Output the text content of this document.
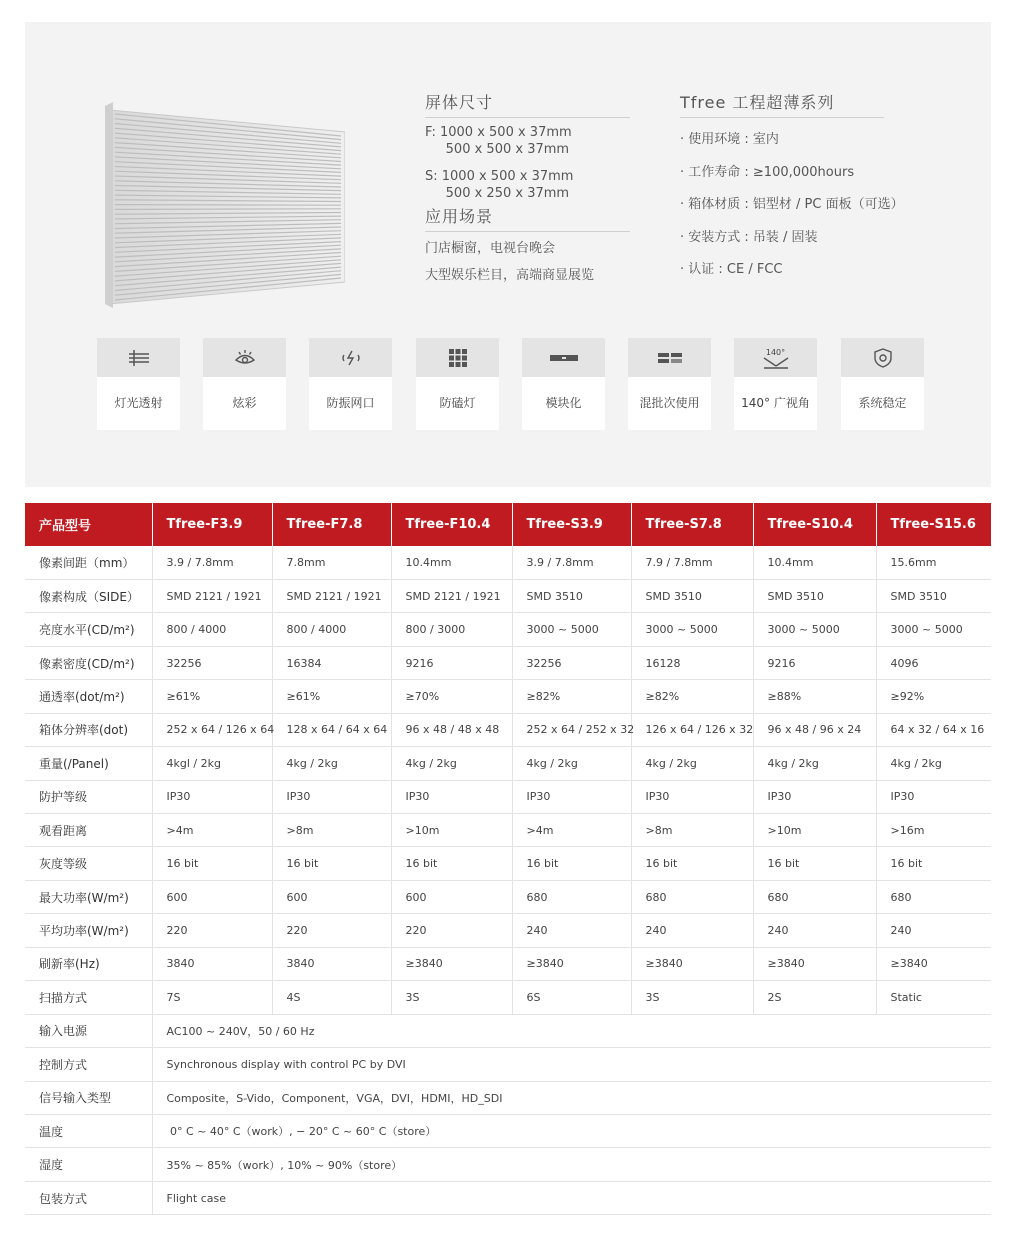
屏体尺寸
F: 1000 x 500 x 37mm
500 x 500 x 37mm
S: 1000 x 500 x 37mm
500 x 250 x 37mm
应用场景
门店橱窗，电视台晚会
大型娱乐栏目，高端商显展览
Tfree 工程超薄系列
· 使用环境 : 室内
· 工作寿命 : ≥100,000hours
· 箱体材质 : 铝型材 / PC 面板（可选）
· 安装方式 : 吊装 / 固装
· 认证 : CE / FCC
灯光透射	炫彩	防振网口	防磕灯	模块化	混批次使用
140°
140° 广视角	系统稳定
产品型号	Tfree-F3.9	Tfree-F7.8	Tfree-F10.4	Tfree-S3.9	Tfree-S7.8	Tfree-S10.4	Tfree-S15.6
像素间距（mm）	3.9 / 7.8mm	7.8mm	10.4mm	3.9 / 7.8mm	7.9 / 7.8mm	10.4mm	15.6mm
像素构成（SIDE）	SMD 2121 / 1921	SMD 2121 / 1921	SMD 2121 / 1921	SMD 3510	SMD 3510	SMD 3510	SMD 3510
亮度水平(CD/m²)	800 / 4000	800 / 4000	800 / 3000	3000 ~ 5000	3000 ~ 5000	3000 ~ 5000	3000 ~ 5000
像素密度(CD/m²)	32256	16384	9216	32256	16128	9216	4096
通透率(dot/m²)	≥61%	≥61%	≥70%	≥82%	≥82%	≥88%	≥92%
箱体分辨率(dot)	252 x 64 / 126 x 64	128 x 64 / 64 x 64	96 x 48 / 48 x 48	252 x 64 / 252 x 32	126 x 64 / 126 x 32	96 x 48 / 96 x 24	64 x 32 / 64 x 16
重量(/Panel)	4kgl / 2kg	4kg / 2kg	4kg / 2kg	4kg / 2kg	4kg / 2kg	4kg / 2kg	4kg / 2kg
防护等级	IP30	IP30	IP30	IP30	IP30	IP30	IP30
观看距离	>4m	>8m	>10m	>4m	>8m	>10m	>16m
灰度等级	16 bit	16 bit	16 bit	16 bit	16 bit	16 bit	16 bit
最大功率(W/m²)	600	600	600	680	680	680	680
平均功率(W/m²)	220	220	220	240	240	240	240
刷新率(Hz)	3840	3840	≥3840	≥3840	≥3840	≥3840	≥3840
扫描方式	7S	4S	3S	6S	3S	2S	Static
输入电源	AC100 ~ 240V，50 / 60 Hz						
控制方式	Synchronous display with control PC by DVI						
信号输入类型	Composite，S-Vido，Component，VGA，DVI，HDMI，HD_SDI						
温度	0° C ~ 40° C（work）, − 20° C ~ 60° C（store）						
湿度	35% ~ 85%（work）, 10% ~ 90%（store）						
包装方式	Flight case						
